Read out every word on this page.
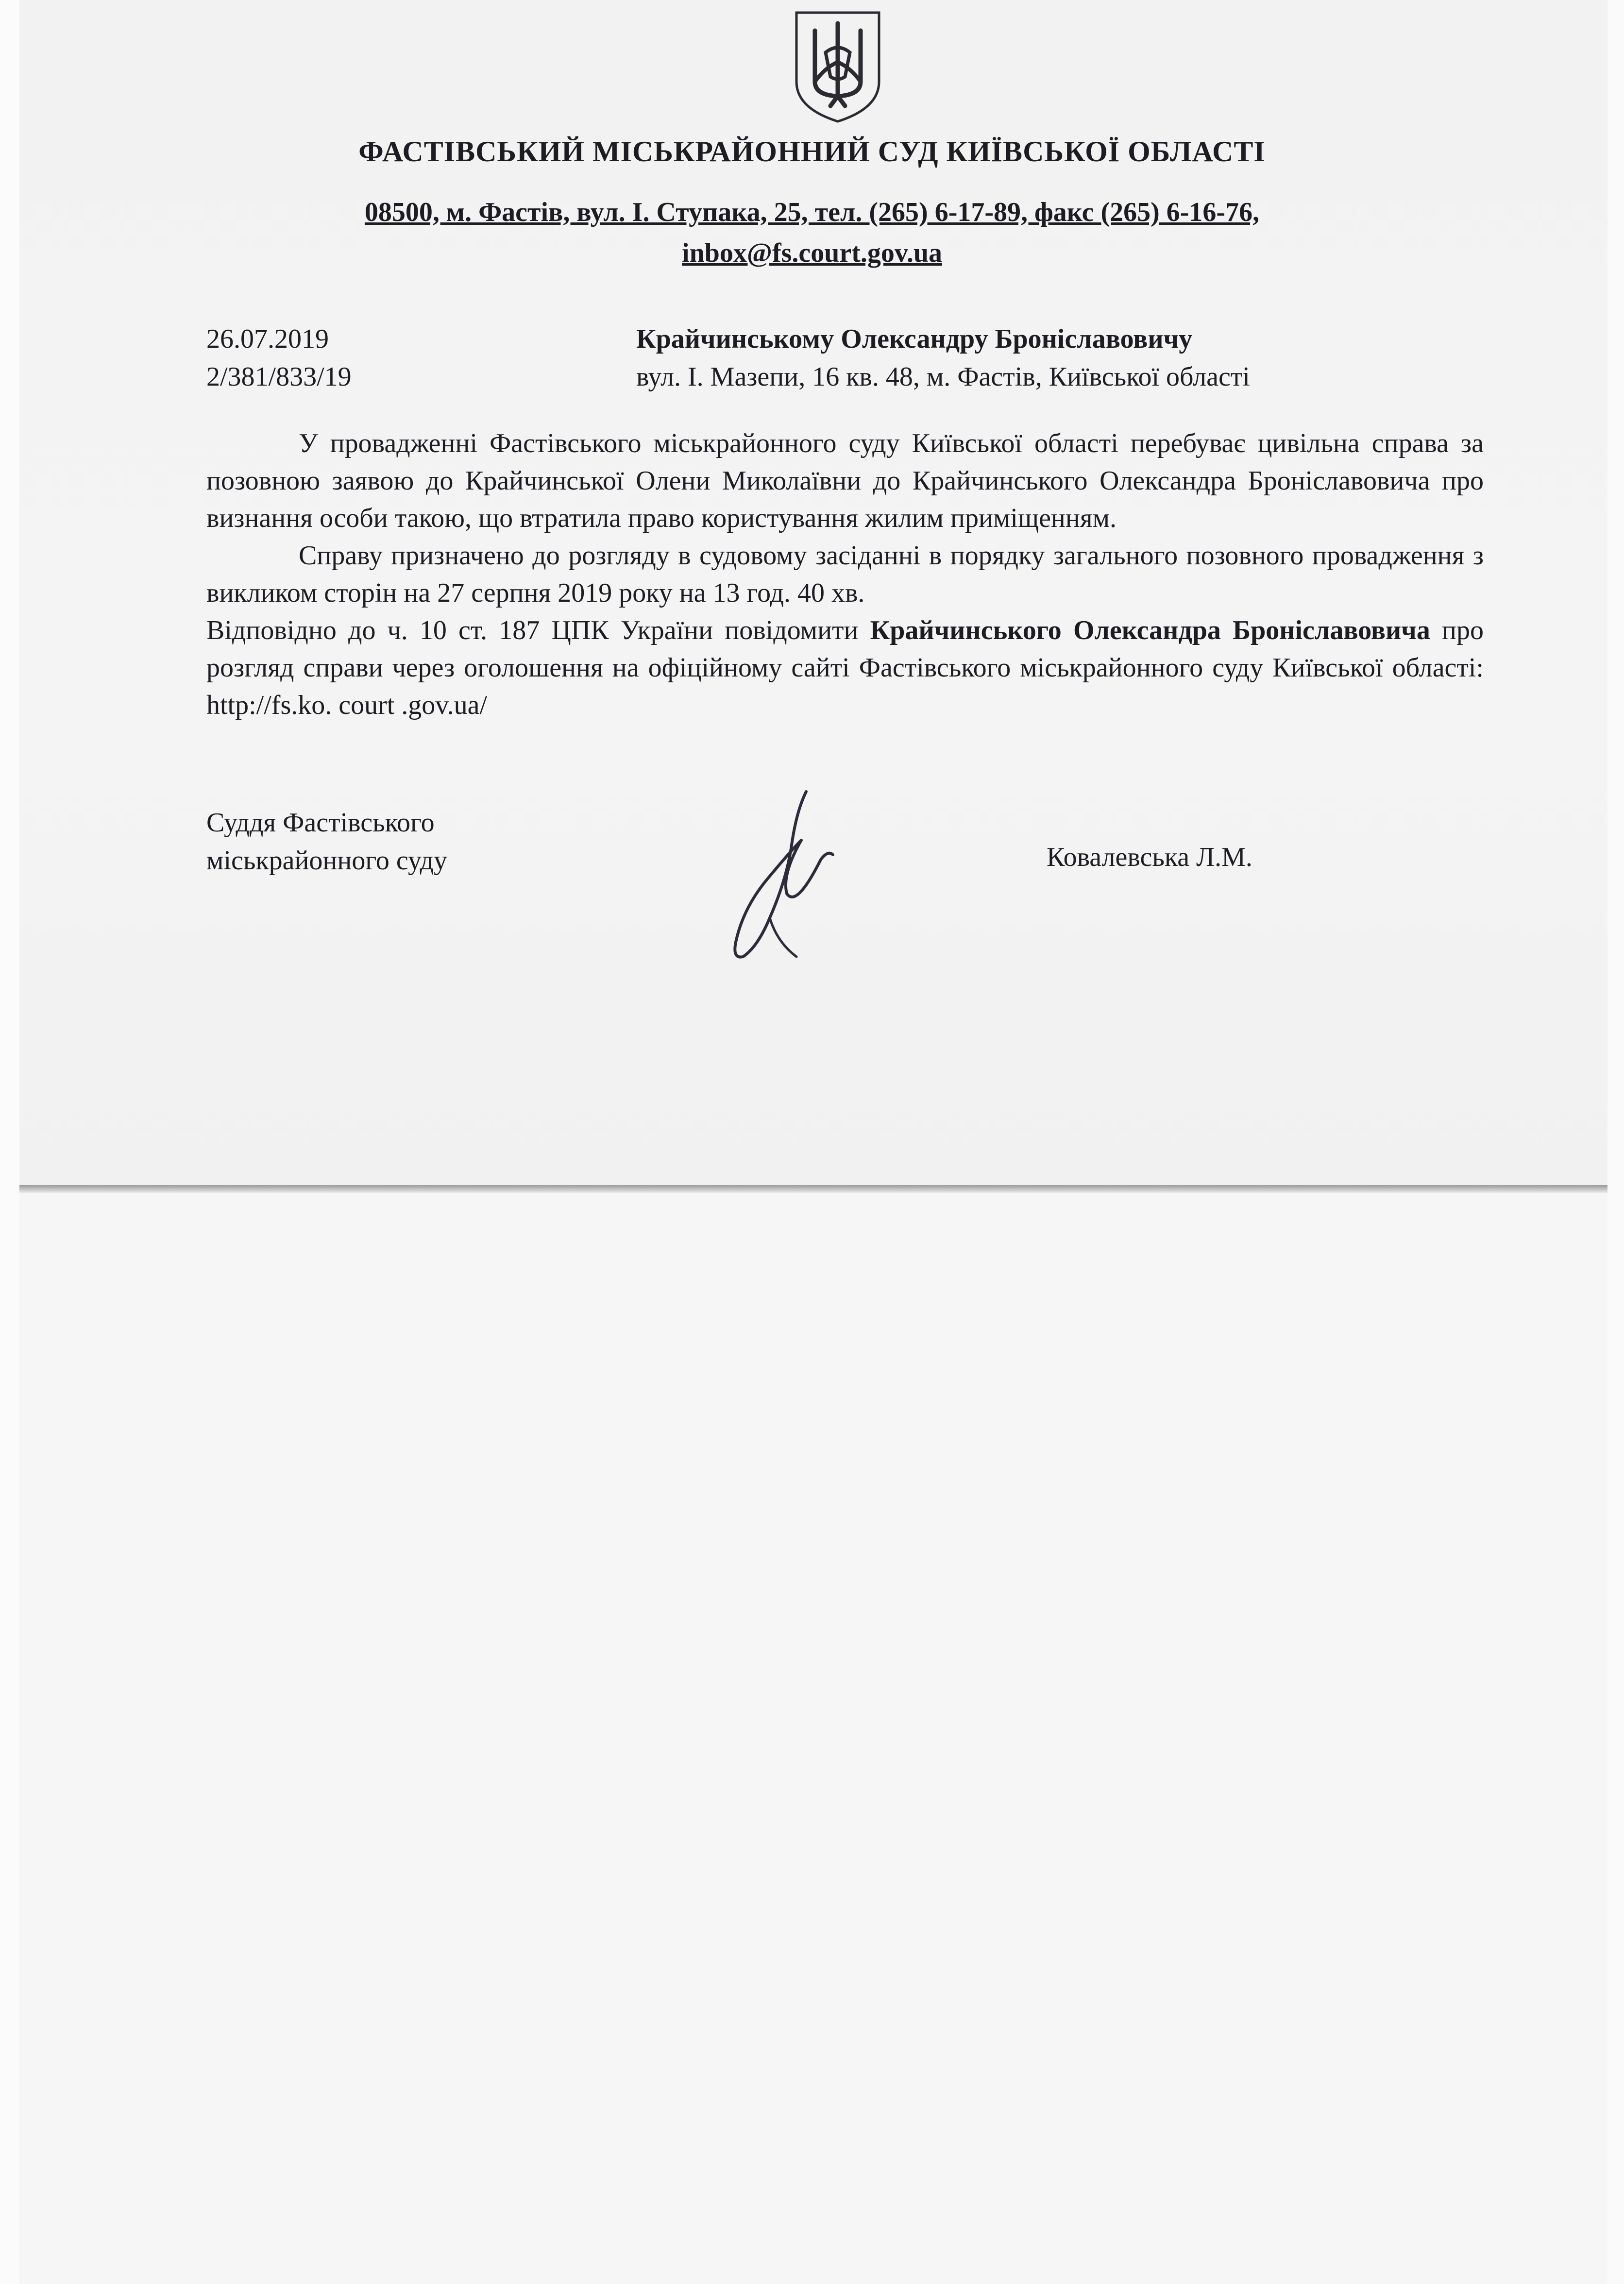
ФАСТІВСЬКИЙ МІСЬКРАЙОННИЙ СУД КИЇВСЬКОЇ ОБЛАСТІ
08500, м. Фастів, вул. І. Ступака, 25, тел. (265) 6-17-89, факс (265) 6-16-76,
inbox@fs.court.gov.ua
26.07.2019
2/381/833/19
Крайчинському Олександру Броніславовичу
вул. І. Мазепи, 16 кв. 48, м. Фастів, Київської області

У провадженні Фастівського міськрайонного суду Київської області перебуває цивільна справа за позовною заявою до Крайчинської Олени Миколаївни до Крайчинського Олександра Броніславовича про визнання особи такою, що втратила право користування жилим приміщенням.

Справу призначено до розгляду в судовому засіданні в порядку загального позовного провадження з викликом сторін на 27 серпня 2019 року на 13 год. 40 хв.

Відповідно до ч. 10 ст. 187 ЦПК України повідомити Крайчинського Олександра Броніславовича про розгляд справи через оголошення на офіційному сайті Фастівського міськрайонного суду Київської області: http://fs.ko. court .gov.ua/

Суддя Фастівського
міськрайонного суду	Ковалевська Л.М.
